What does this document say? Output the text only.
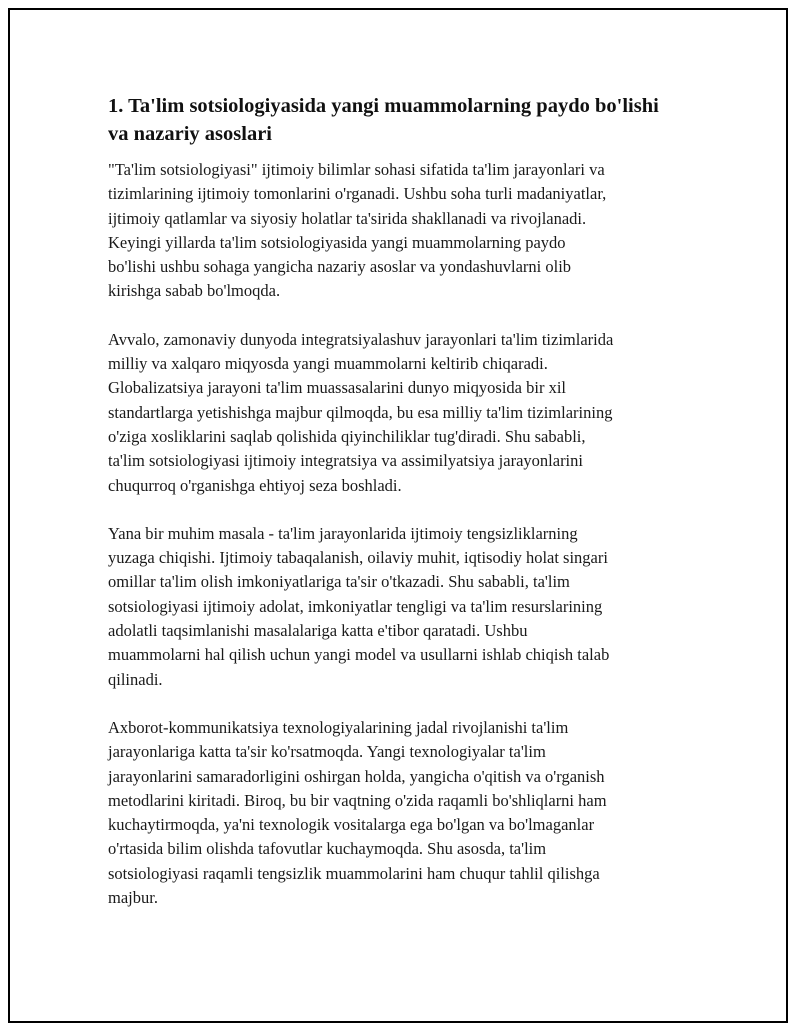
1. Ta'lim sotsiologiyasida yangi muammolarning paydo bo'lishi
va nazariy asoslari

"Ta'lim sotsiologiyasi" ijtimoiy bilimlar sohasi sifatida ta'lim jarayonlari va
tizimlarining ijtimoiy tomonlarini o'rganadi. Ushbu soha turli madaniyatlar,
ijtimoiy qatlamlar va siyosiy holatlar ta'sirida shakllanadi va rivojlanadi.
Keyingi yillarda ta'lim sotsiologiyasida yangi muammolarning paydo
bo'lishi ushbu sohaga yangicha nazariy asoslar va yondashuvlarni olib
kirishga sabab bo'lmoqda.

Avvalo, zamonaviy dunyoda integratsiyalashuv jarayonlari ta'lim tizimlarida
milliy va xalqaro miqyosda yangi muammolarni keltirib chiqaradi.
Globalizatsiya jarayoni ta'lim muassasalarini dunyo miqyosida bir xil
standartlarga yetishishga majbur qilmoqda, bu esa milliy ta'lim tizimlarining
o'ziga xosliklarini saqlab qolishida qiyinchiliklar tug'diradi. Shu sababli,
ta'lim sotsiologiyasi ijtimoiy integratsiya va assimilyatsiya jarayonlarini
chuqurroq o'rganishga ehtiyoj seza boshladi.

Yana bir muhim masala - ta'lim jarayonlarida ijtimoiy tengsizliklarning
yuzaga chiqishi. Ijtimoiy tabaqalanish, oilaviy muhit, iqtisodiy holat singari
omillar ta'lim olish imkoniyatlariga ta'sir o'tkazadi. Shu sababli, ta'lim
sotsiologiyasi ijtimoiy adolat, imkoniyatlar tengligi va ta'lim resurslarining
adolatli taqsimlanishi masalalariga katta e'tibor qaratadi. Ushbu
muammolarni hal qilish uchun yangi model va usullarni ishlab chiqish talab
qilinadi.

Axborot-kommunikatsiya texnologiyalarining jadal rivojlanishi ta'lim
jarayonlariga katta ta'sir ko'rsatmoqda. Yangi texnologiyalar ta'lim
jarayonlarini samaradorligini oshirgan holda, yangicha o'qitish va o'rganish
metodlarini kiritadi. Biroq, bu bir vaqtning o'zida raqamli bo'shliqlarni ham
kuchaytirmoqda, ya'ni texnologik vositalarga ega bo'lgan va bo'lmaganlar
o'rtasida bilim olishda tafovutlar kuchaymoqda. Shu asosda, ta'lim
sotsiologiyasi raqamli tengsizlik muammolarini ham chuqur tahlil qilishga
majbur.
